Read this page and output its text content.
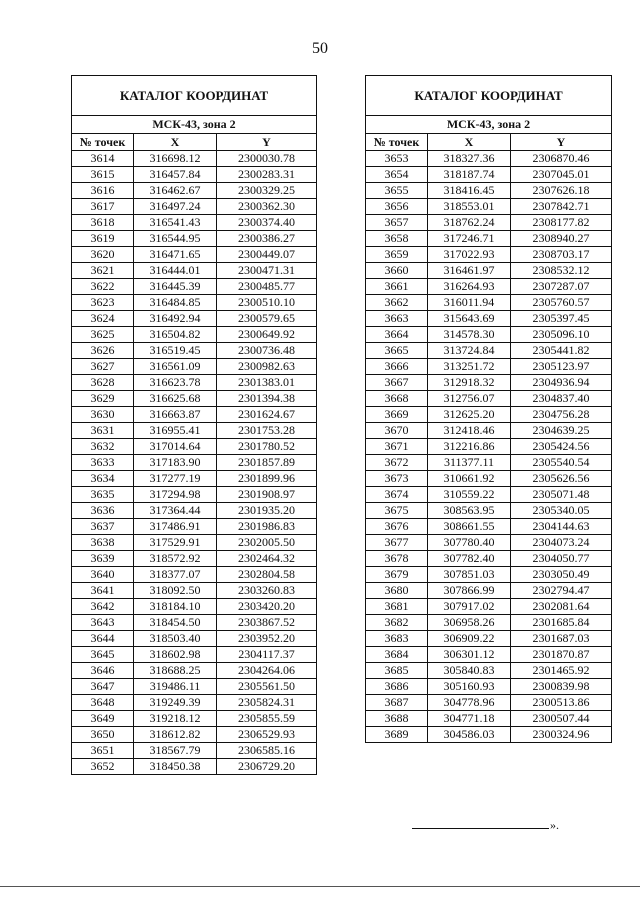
50
КАТАЛОГ КООРДИНАТ		
МСК-43, зона 2		
№ точек	X	Y
3614	316698.12	2300030.78
3615	316457.84	2300283.31
3616	316462.67	2300329.25
3617	316497.24	2300362.30
3618	316541.43	2300374.40
3619	316544.95	2300386.27
3620	316471.65	2300449.07
3621	316444.01	2300471.31
3622	316445.39	2300485.77
3623	316484.85	2300510.10
3624	316492.94	2300579.65
3625	316504.82	2300649.92
3626	316519.45	2300736.48
3627	316561.09	2300982.63
3628	316623.78	2301383.01
3629	316625.68	2301394.38
3630	316663.87	2301624.67
3631	316955.41	2301753.28
3632	317014.64	2301780.52
3633	317183.90	2301857.89
3634	317277.19	2301899.96
3635	317294.98	2301908.97
3636	317364.44	2301935.20
3637	317486.91	2301986.83
3638	317529.91	2302005.50
3639	318572.92	2302464.32
3640	318377.07	2302804.58
3641	318092.50	2303260.83
3642	318184.10	2303420.20
3643	318454.50	2303867.52
3644	318503.40	2303952.20
3645	318602.98	2304117.37
3646	318688.25	2304264.06
3647	319486.11	2305561.50
3648	319249.39	2305824.31
3649	319218.12	2305855.59
3650	318612.82	2306529.93
3651	318567.79	2306585.16
3652	318450.38	2306729.20
КАТАЛОГ КООРДИНАТ		
МСК-43, зона 2		
№ точек	X	Y
3653	318327.36	2306870.46
3654	318187.74	2307045.01
3655	318416.45	2307626.18
3656	318553.01	2307842.71
3657	318762.24	2308177.82
3658	317246.71	2308940.27
3659	317022.93	2308703.17
3660	316461.97	2308532.12
3661	316264.93	2307287.07
3662	316011.94	2305760.57
3663	315643.69	2305397.45
3664	314578.30	2305096.10
3665	313724.84	2305441.82
3666	313251.72	2305123.97
3667	312918.32	2304936.94
3668	312756.07	2304837.40
3669	312625.20	2304756.28
3670	312418.46	2304639.25
3671	312216.86	2305424.56
3672	311377.11	2305540.54
3673	310661.92	2305626.56
3674	310559.22	2305071.48
3675	308563.95	2305340.05
3676	308661.55	2304144.63
3677	307780.40	2304073.24
3678	307782.40	2304050.77
3679	307851.03	2303050.49
3680	307866.99	2302794.47
3681	307917.02	2302081.64
3682	306958.26	2301685.84
3683	306909.22	2301687.03
3684	306301.12	2301870.87
3685	305840.83	2301465.92
3686	305160.93	2300839.98
3687	304778.96	2300513.86
3688	304771.18	2300507.44
3689	304586.03	2300324.96
».
